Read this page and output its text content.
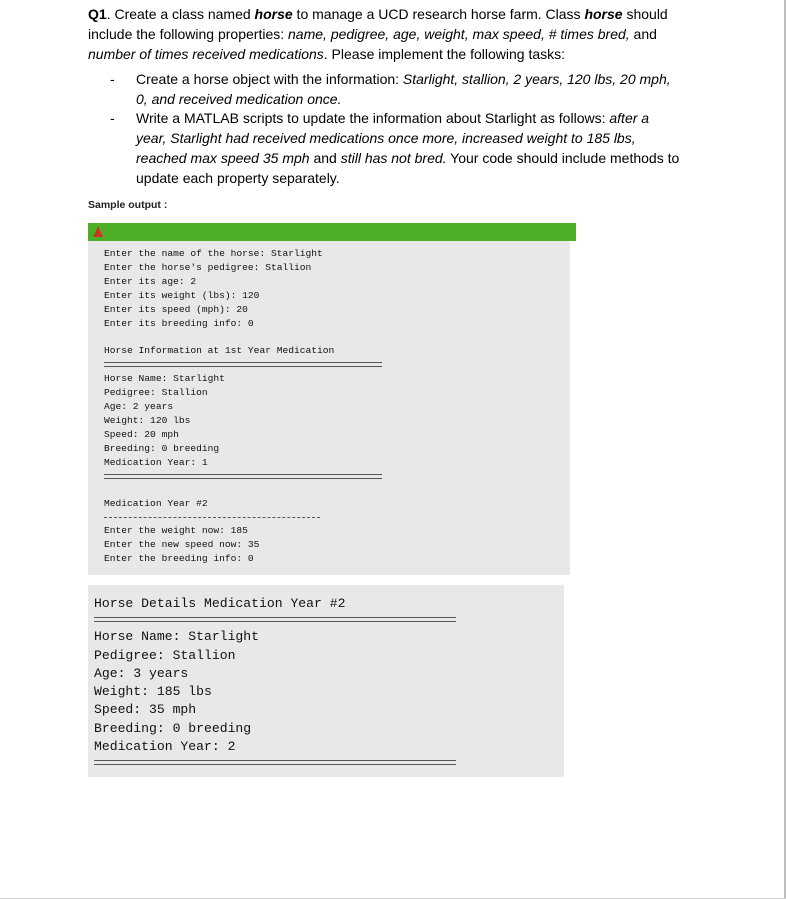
Q1. Create a class named horse to manage a UCD research horse farm. Class horse should include the following properties: name, pedigree, age, weight, max speed, # times bred, and number of times received medications. Please implement the following tasks:

- Create a horse object with the information: Starlight, stallion, 2 years, 120 lbs, 20 mph, 0, and received medication once.
- Write a MATLAB scripts to update the information about Starlight as follows: after a year, Starlight had received medications once more, increased weight to 185 lbs, reached max speed 35 mph and still has not bred. Your code should include methods to update each property separately.
Sample output :
Enter the name of the horse: Starlight
Enter the horse's pedigree: Stallion
Enter its age: 2
Enter its weight (lbs): 120
Enter its speed (mph): 20
Enter its breeding info: 0
Horse Information at 1st Year Medication
Horse Name: Starlight
Pedigree: Stallion
Age: 2 years
Weight: 120 lbs
Speed: 20 mph
Breeding: 0 breeding
Medication Year: 1
Medication Year #2
Enter the weight now: 185
Enter the new speed now: 35
Enter the breeding info: 0
Horse Details Medication Year #2
Horse Name: Starlight
Pedigree: Stallion
Age: 3 years
Weight: 185 lbs
Speed: 35 mph
Breeding: 0 breeding
Medication Year: 2
